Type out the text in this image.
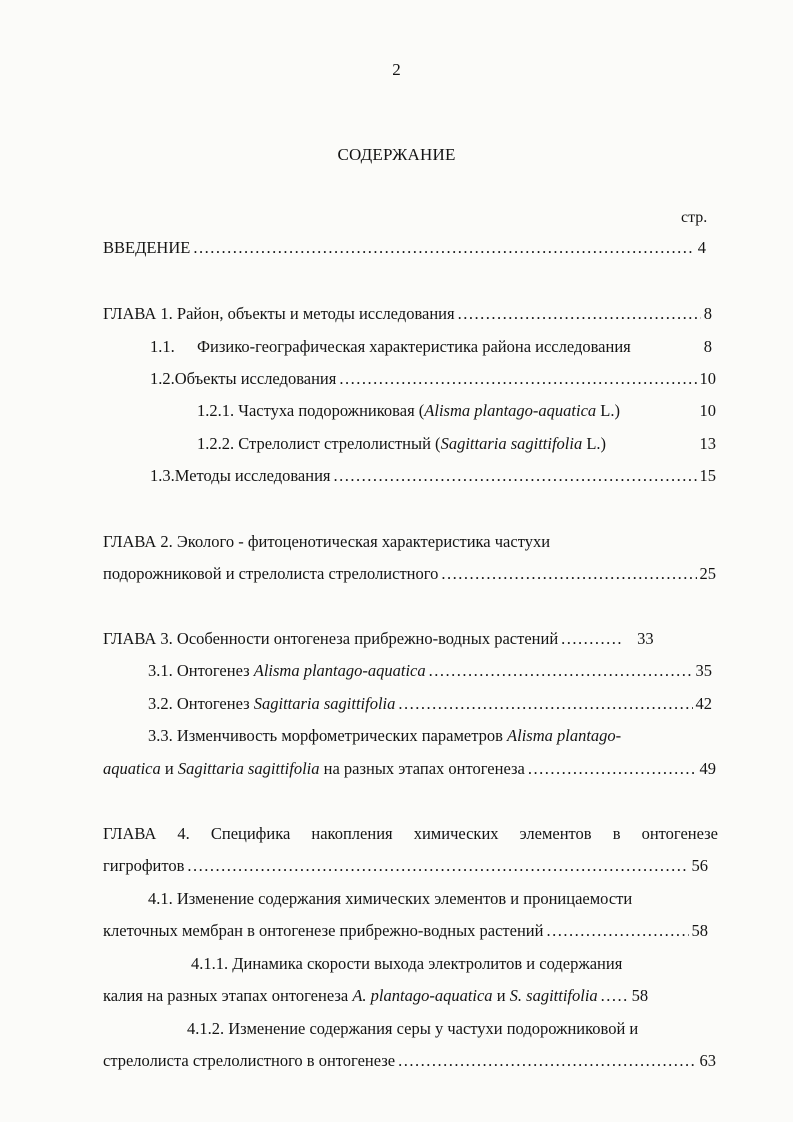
2
СОДЕРЖАНИЕ
стр.
ВВЕДЕНИЕ .....	4
ГЛАВА 1. Район, объекты и методы исследования .....	8
1.1. Физико-географическая характеристика района исследования	8
1.2. Объекты исследования .....	10
1.2.1. Частуха подорожниковая (Alisma plantago-aquatica L.)	10
1.2.2. Стрелолист стрелолистный (Sagittaria sagittifolia L.)	13
1.3. Методы исследования .....	15
ГЛАВА 2. Эколого - фитоценотическая характеристика частухи
подорожниковой и стрелолиста стрелолистного .....	25
ГЛАВА 3. Особенности онтогенеза прибрежно-водных растений .....	33
3.1. Онтогенез Alisma plantago-aquatica .....	35
3.2. Онтогенез Sagittaria sagittifolia .....	42
3.3. Изменчивость морфометрических параметров Alisma plantago-
aquatica и Sagittaria sagittifolia на разных этапах онтогенеза .....	49
ГЛАВА 4. Специфика накопления химических элементов в онтогенезе
гигрофитов .....	56
4.1. Изменение содержания химических элементов и проницаемости
клеточных мембран в онтогенезе прибрежно-водных растений .....	58
4.1.1. Динамика скорости выхода электролитов и содержания
калия на разных этапах онтогенеза A. plantago-aquatica и S. sagittifolia ..... 58
4.1.2. Изменение содержания серы у частухи подорожниковой и
стрелолиста стрелолистного в онтогенезе .....	63
